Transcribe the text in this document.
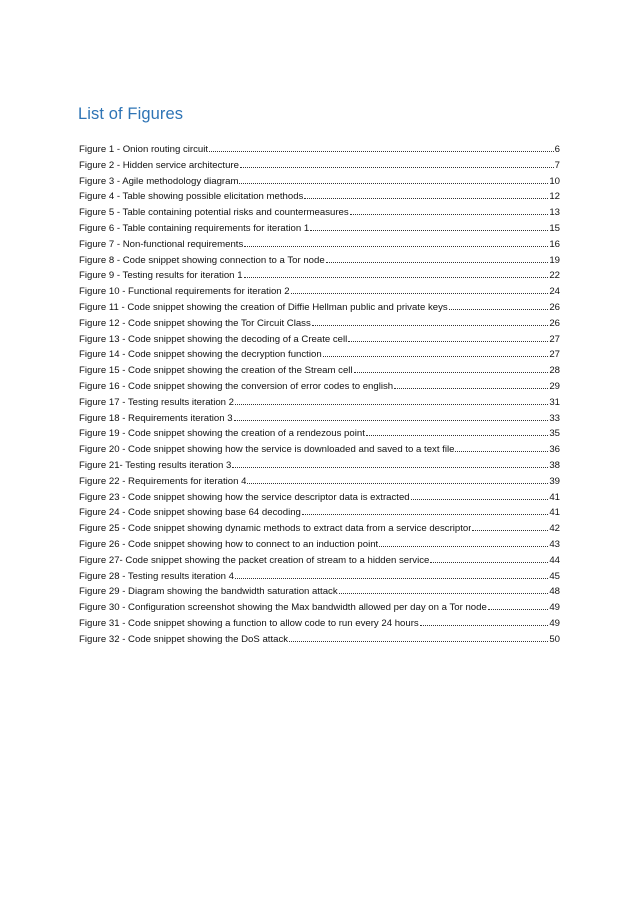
List of Figures
Figure 1 - Onion routing circuit	6
Figure 2 - Hidden service architecture	7
Figure 3 - Agile methodology diagram	10
Figure 4 - Table showing possible elicitation methods	12
Figure 5 - Table containing potential risks and countermeasures	13
Figure 6 - Table containing requirements for iteration 1	15
Figure 7 - Non-functional requirements	16
Figure 8 - Code snippet showing connection to a Tor node	19
Figure 9 - Testing results for iteration 1	22
Figure 10 - Functional requirements for iteration 2	24
Figure 11 - Code snippet showing the creation of Diffie Hellman public and private keys	26
Figure 12 - Code snippet showing the Tor Circuit Class	26
Figure 13 - Code snippet showing the decoding of a Create cell	27
Figure 14 - Code snippet showing the decryption function	27
Figure 15 - Code snippet showing the creation of the Stream cell	28
Figure 16 - Code snippet showing the conversion of error codes to english	29
Figure 17 - Testing results iteration 2	31
Figure 18 - Requirements iteration 3	33
Figure 19 - Code snippet showing the creation of a rendezous point	35
Figure 20 - Code snippet showing how the service is downloaded and saved to a text file	36
Figure 21- Testing results iteration 3	38
Figure 22 - Requirements for iteration 4	39
Figure 23 - Code snippet showing how the service descriptor data is extracted	41
Figure 24 - Code snippet showing base 64 decoding	41
Figure 25 - Code snippet showing dynamic methods to extract data from a service descriptor	42
Figure 26 - Code snippet showing how to connect to an induction point	43
Figure 27- Code snippet showing the packet creation of stream to a hidden service	44
Figure 28 - Testing results iteration 4	45
Figure 29 - Diagram showing the bandwidth saturation attack	48
Figure 30 - Configuration screenshot showing the Max bandwidth allowed per day on a Tor node	49
Figure 31 - Code snippet showing a function to allow code to run every 24 hours	49
Figure 32 - Code snippet showing the DoS attack	50
